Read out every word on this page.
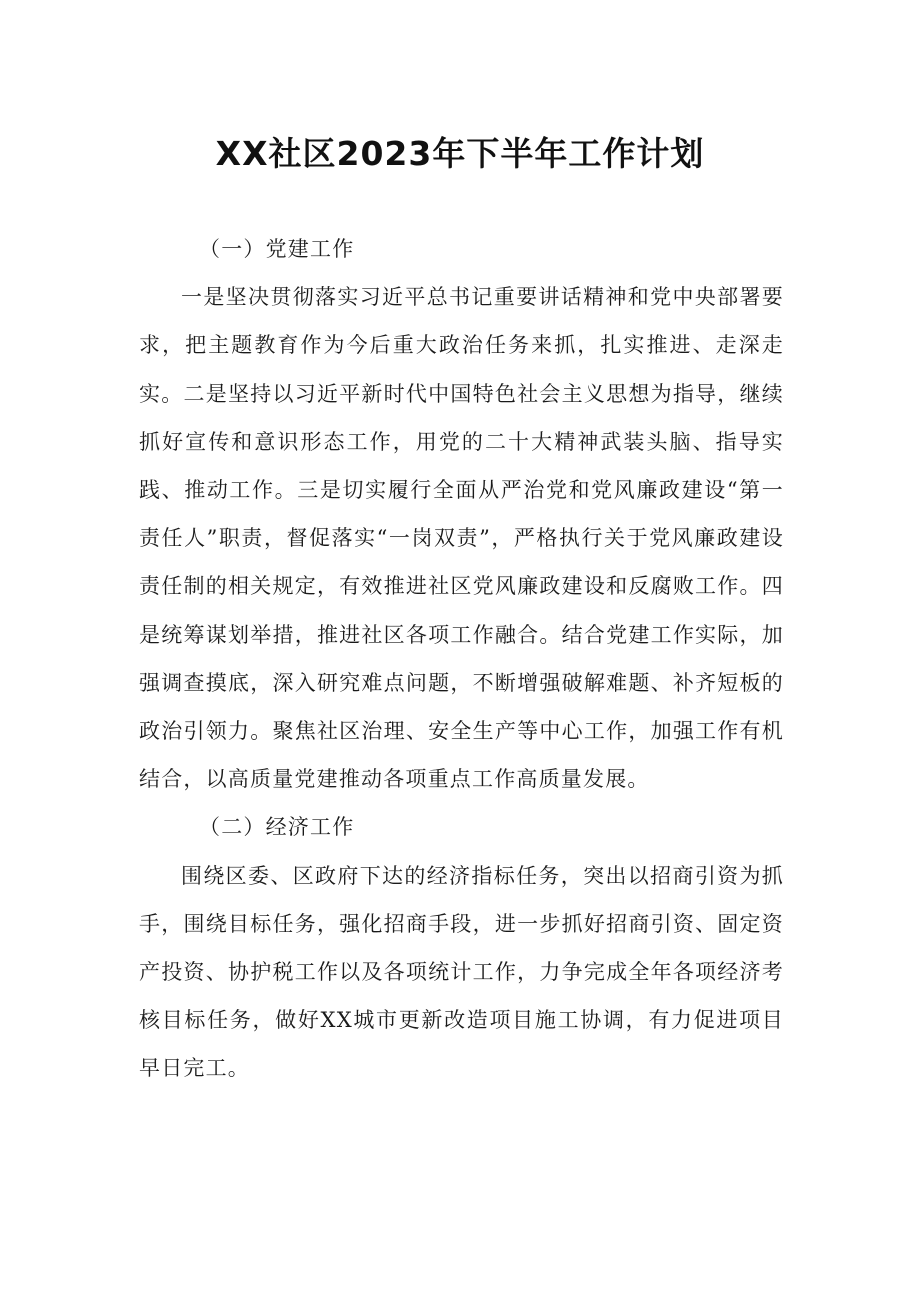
XX社区2023年下半年工作计划

（一）党建工作

一是坚决贯彻落实习近平总书记重要讲话精神和党中央部署要求，把主题教育作为今后重大政治任务来抓，扎实推进、走深走实。二是坚持以习近平新时代中国特色社会主义思想为指导，继续抓好宣传和意识形态工作，用党的二十大精神武装头脑、指导实践、推动工作。三是切实履行全面从严治党和党风廉政建设“第一责任人”职责，督促落实“一岗双责”，严格执行关于党风廉政建设责任制的相关规定，有效推进社区党风廉政建设和反腐败工作。四是统筹谋划举措，推进社区各项工作融合。结合党建工作实际，加强调查摸底，深入研究难点问题，不断增强破解难题、补齐短板的政治引领力。聚焦社区治理、安全生产等中心工作，加强工作有机结合，以高质量党建推动各项重点工作高质量发展。

（二）经济工作

围绕区委、区政府下达的经济指标任务，突出以招商引资为抓手，围绕目标任务，强化招商手段，进一步抓好招商引资、固定资产投资、协护税工作以及各项统计工作，力争完成全年各项经济考核目标任务，做好XX城市更新改造项目施工协调，有力促进项目早日完工。
